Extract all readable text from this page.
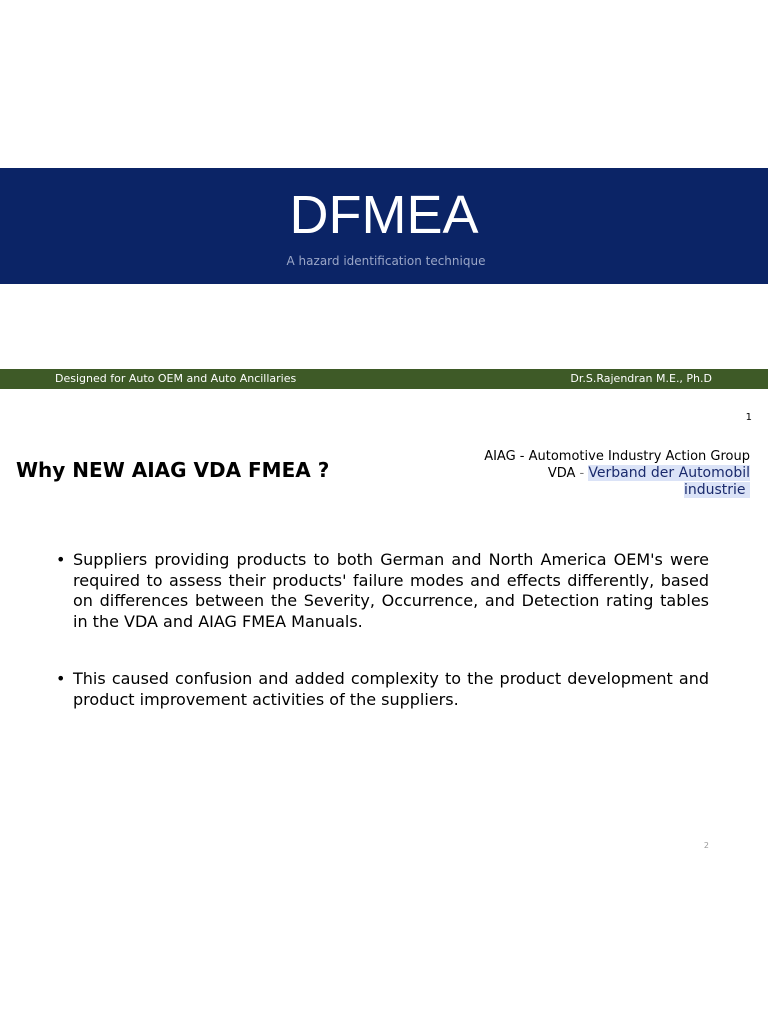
DFMEA
A hazard identification technique
Designed for Auto OEM and Auto Ancillaries	Dr.S.Rajendran M.E., Ph.D
1
Why NEW AIAG VDA FMEA ?
AIAG - Automotive Industry Action Group
VDA - Verband der Automobil
industrie
• Suppliers providing products to both German and North America OEM's were required to assess their products' failure modes and effects differently, based on differences between the Severity, Occurrence, and Detection rating tables in the VDA and AIAG FMEA Manuals.
• This caused confusion and added complexity to the product development and product improvement activities of the suppliers.
2
